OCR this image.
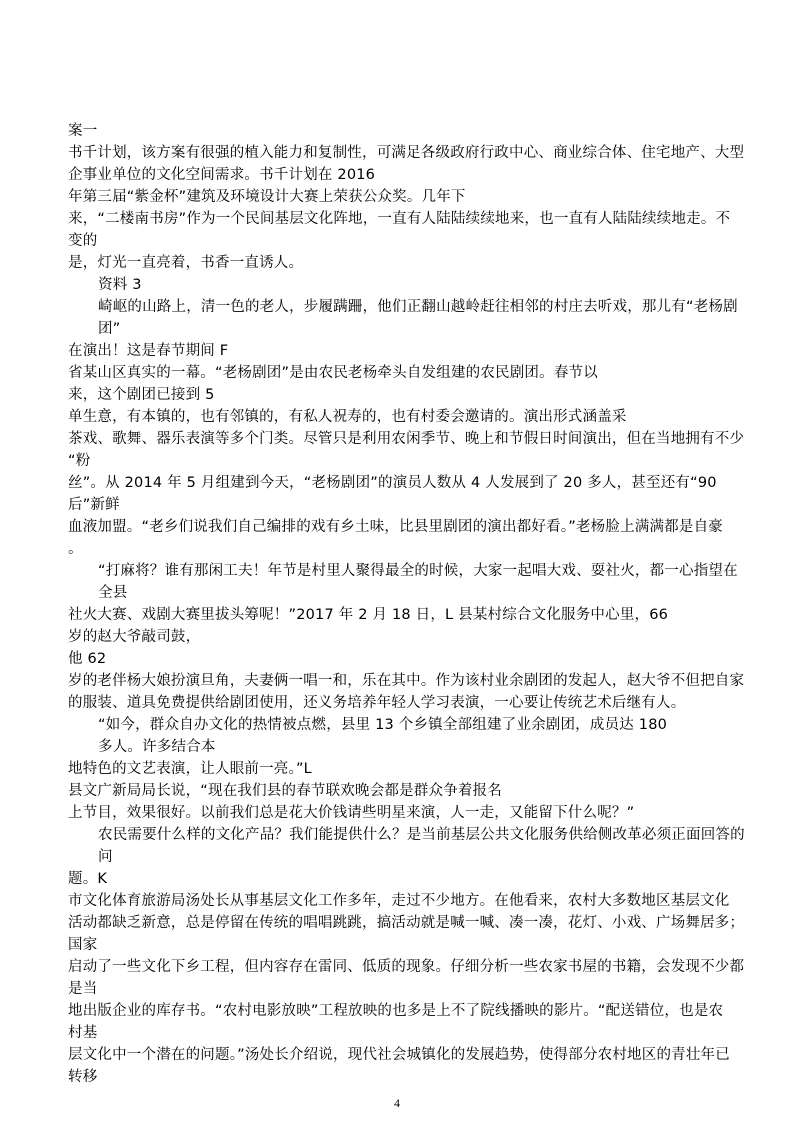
案一
书千计划，该方案有很强的植入能力和复制性，可满足各级政府行政中心、商业综合体、住宅地产、大型
企事业单位的文化空间需求。书千计划在 2016
年第三届“紫金杯”建筑及环境设计大赛上荣获公众奖。几年下
来，“二楼南书房”作为一个民间基层文化阵地，一直有人陆陆续续地来，也一直有人陆陆续续地走。不
变的
是，灯光一直亮着，书香一直诱人。
资料 3
崎岖的山路上，清一色的老人，步履蹒跚，他们正翻山越岭赶往相邻的村庄去听戏，那儿有“老杨剧
团”
在演出！这是春节期间 F
省某山区真实的一幕。“老杨剧团”是由农民老杨牵头自发组建的农民剧团。春节以
来，这个剧团已接到 5
单生意，有本镇的，也有邻镇的，有私人祝寿的，也有村委会邀请的。演出形式涵盖采
茶戏、歌舞、器乐表演等多个门类。尽管只是利用农闲季节、晚上和节假日时间演出，但在当地拥有不少
“粉
丝”。从 2014 年 5 月组建到今天，“老杨剧团”的演员人数从 4 人发展到了 20 多人，甚至还有“90
后”新鲜
血液加盟。“老乡们说我们自己编排的戏有乡土味，比县里剧团的演出都好看。”老杨脸上满满都是自豪
。
“打麻将？谁有那闲工夫！年节是村里人聚得最全的时候，大家一起唱大戏、耍社火，都一心指望在
全县
社火大赛、戏剧大赛里拔头筹呢！”2017 年 2 月 18 日，L 县某村综合文化服务中心里，66
岁的赵大爷敲司鼓，
他 62
岁的老伴杨大娘扮演旦角，夫妻俩一唱一和，乐在其中。作为该村业余剧团的发起人，赵大爷不但把自家
的服装、道具免费提供给剧团使用，还义务培养年轻人学习表演，一心要让传统艺术后继有人。
“如今，群众自办文化的热情被点燃，县里 13 个乡镇全部组建了业余剧团，成员达 180
多人。许多结合本
地特色的文艺表演，让人眼前一亮。”L
县文广新局局长说，“现在我们县的春节联欢晚会都是群众争着报名
上节目，效果很好。以前我们总是花大价钱请些明星来演，人一走，又能留下什么呢？”
农民需要什么样的文化产品？我们能提供什么？是当前基层公共文化服务供给侧改革必须正面回答的
问
题。K
市文化体育旅游局汤处长从事基层文化工作多年，走过不少地方。在他看来，农村大多数地区基层文化
活动都缺乏新意，总是停留在传统的唱唱跳跳，搞活动就是喊一喊、凑一凑，花灯、小戏、广场舞居多；
国家
启动了一些文化下乡工程，但内容存在雷同、低质的现象。仔细分析一些农家书屋的书籍，会发现不少都
是当
地出版企业的库存书。“农村电影放映”工程放映的也多是上不了院线播映的影片。“配送错位，也是农
村基
层文化中一个潜在的问题。”汤处长介绍说，现代社会城镇化的发展趋势，使得部分农村地区的青壮年已
转移
4
